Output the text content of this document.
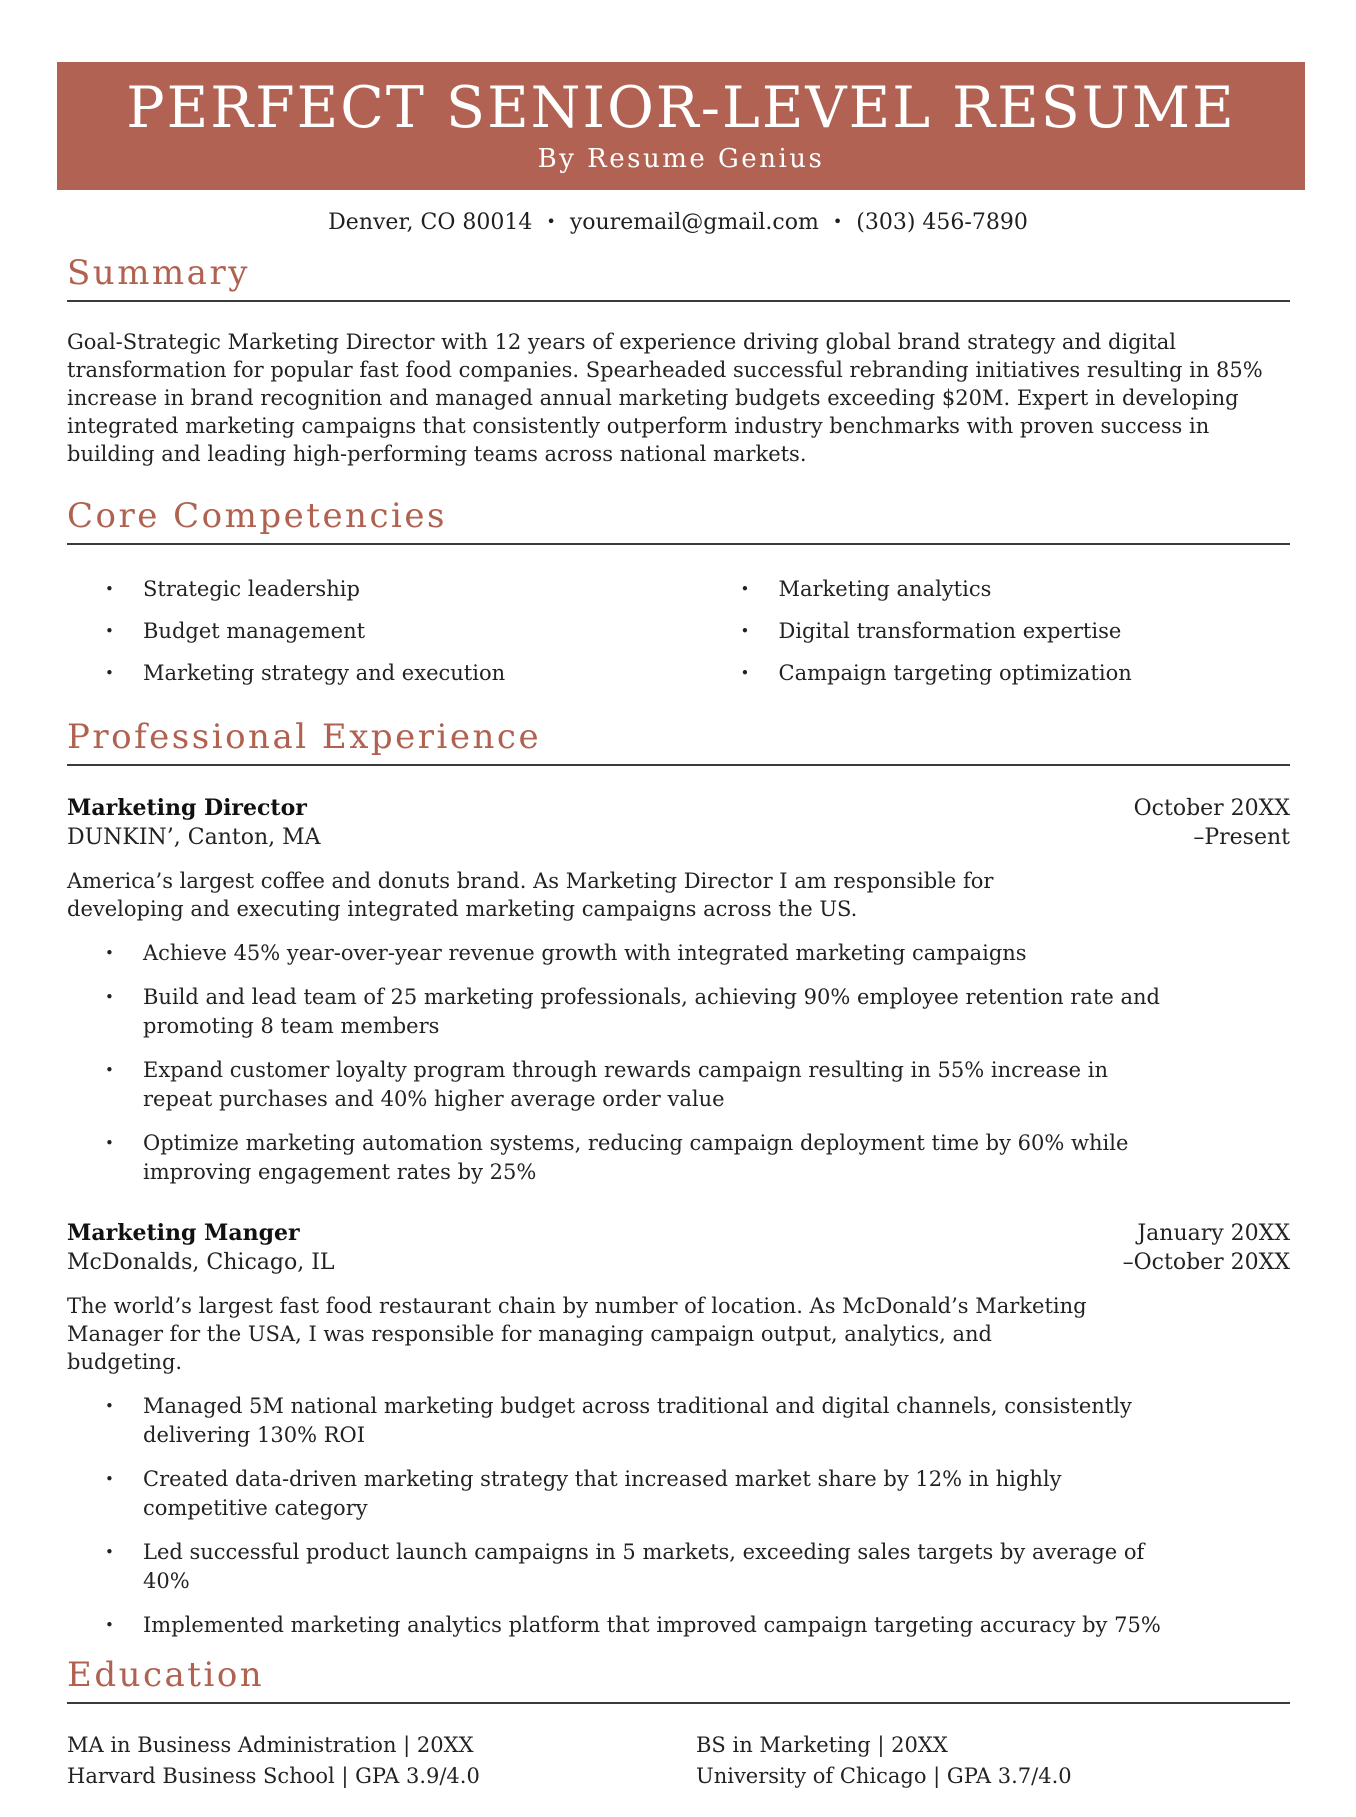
PERFECT SENIOR-LEVEL RESUME
By Resume Genius
Denver, CO 80014 • youremail@gmail.com • (303) 456-7890
Summary

Goal-Strategic Marketing Director with 12 years of experience driving global brand strategy and digital transformation for popular fast food companies. Spearheaded successful rebranding initiatives resulting in 85% increase in brand recognition and managed annual marketing budgets exceeding $20M. Expert in developing integrated marketing campaigns that consistently outperform industry benchmarks with proven success in building and leading high-performing teams across national markets.

Core Competencies
•	Strategic leadership
•	Budget management
•	Marketing strategy and execution
•	Marketing analytics
•	Digital transformation expertise
•	Campaign targeting optimization
Professional Experience
Marketing Director
DUNKIN’, Canton, MA
October 20XX
–Present

America’s largest coffee and donuts brand. As Marketing Director I am responsible for developing and executing integrated marketing campaigns across the US.

•	Achieve 45% year-over-year revenue growth with integrated marketing campaigns
•	Build and lead team of 25 marketing professionals, achieving 90% employee retention rate and promoting 8 team members
•	Expand customer loyalty program through rewards campaign resulting in 55% increase in repeat purchases and 40% higher average order value
•	Optimize marketing automation systems, reducing campaign deployment time by 60% while improving engagement rates by 25%
Marketing Manger
McDonalds, Chicago, IL
January 20XX
–October 20XX

The world’s largest fast food restaurant chain by number of location. As McDonald’s Marketing Manager for the USA, I was responsible for managing campaign output, analytics, and budgeting.

•	Managed 5M national marketing budget across traditional and digital channels, consistently delivering 130% ROI
•	Created data-driven marketing strategy that increased market share by 12% in highly competitive category
•	Led successful product launch campaigns in 5 markets, exceeding sales targets by average of 40%
•	Implemented marketing analytics platform that improved campaign targeting accuracy by 75%
Education
MA in Business Administration | 20XX
Harvard Business School | GPA 3.9/4.0
BS in Marketing | 20XX
University of Chicago | GPA 3.7/4.0
